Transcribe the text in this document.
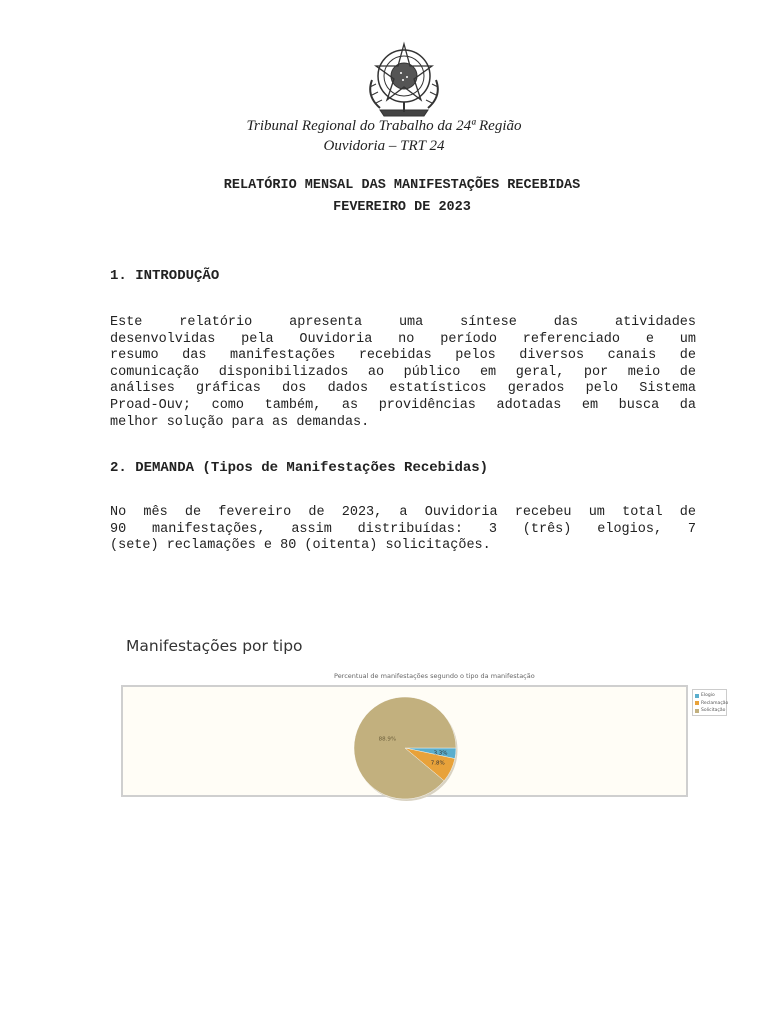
Tribunal Regional do Trabalho da 24ª Região
Ouvidoria – TRT 24
RELATÓRIO MENSAL DAS MANIFESTAÇÕES RECEBIDAS
FEVEREIRO DE 2023
1. INTRODUÇÃO

Este relatório apresenta uma síntese das atividades
desenvolvidas pela Ouvidoria no período referenciado e um
resumo das manifestações recebidas pelos diversos canais de
comunicação disponibilizados ao público em geral, por meio de
análises gráficas dos dados estatísticos gerados pelo Sistema
Proad-Ouv; como também, as providências adotadas em busca da
melhor solução para as demandas.

2. DEMANDA (Tipos de Manifestações Recebidas)

No mês de fevereiro de 2023, a Ouvidoria recebeu um total de
90 manifestações, assim distribuídas: 3 (três) elogios, 7
(sete) reclamações e 80 (oitenta) solicitações.

Manifestações por tipo
Percentual de manifestações segundo o tipo da manifestação
3.3%
7.8%
88.9%
Elogio
Reclamação
Solicitação
